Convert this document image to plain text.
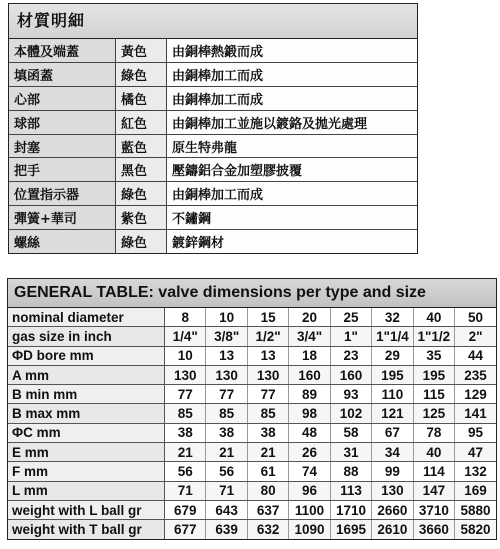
材質明細
本體及端蓋	黃色	由銅棒熱鍛而成
填函蓋	綠色	由銅棒加工而成
心部	橘色	由銅棒加工而成
球部	紅色	由銅棒加工並施以鍍鉻及拋光處理
封塞	藍色	原生特弗龍
把手	黑色	壓鑄鋁合金加塑膠披覆
位置指示器	綠色	由銅棒加工而成
彈簧+華司	紫色	不鏽鋼
螺絲	綠色	鍍鋅鋼材
GENERAL TABLE: valve dimensions per type and size
nominal diameter	8	10	15	20	25	32	40	50
gas size in inch	1/4"	3/8"	1/2"	3/4"	1"	1"1/4	1"1/2	2"
ΦD bore mm	10	13	13	18	23	29	35	44
A mm	130	130	130	160	160	195	195	235
B min mm	77	77	77	89	93	110	115	129
B max mm	85	85	85	98	102	121	125	141
ΦC mm	38	38	38	48	58	67	78	95
E mm	21	21	21	26	31	34	40	47
F mm	56	56	61	74	88	99	114	132
L mm	71	71	80	96	113	130	147	169
weight with L ball gr	679	643	637	1100	1710	2660	3710	5880
weight with T ball gr	677	639	632	1090	1695	2610	3660	5820
